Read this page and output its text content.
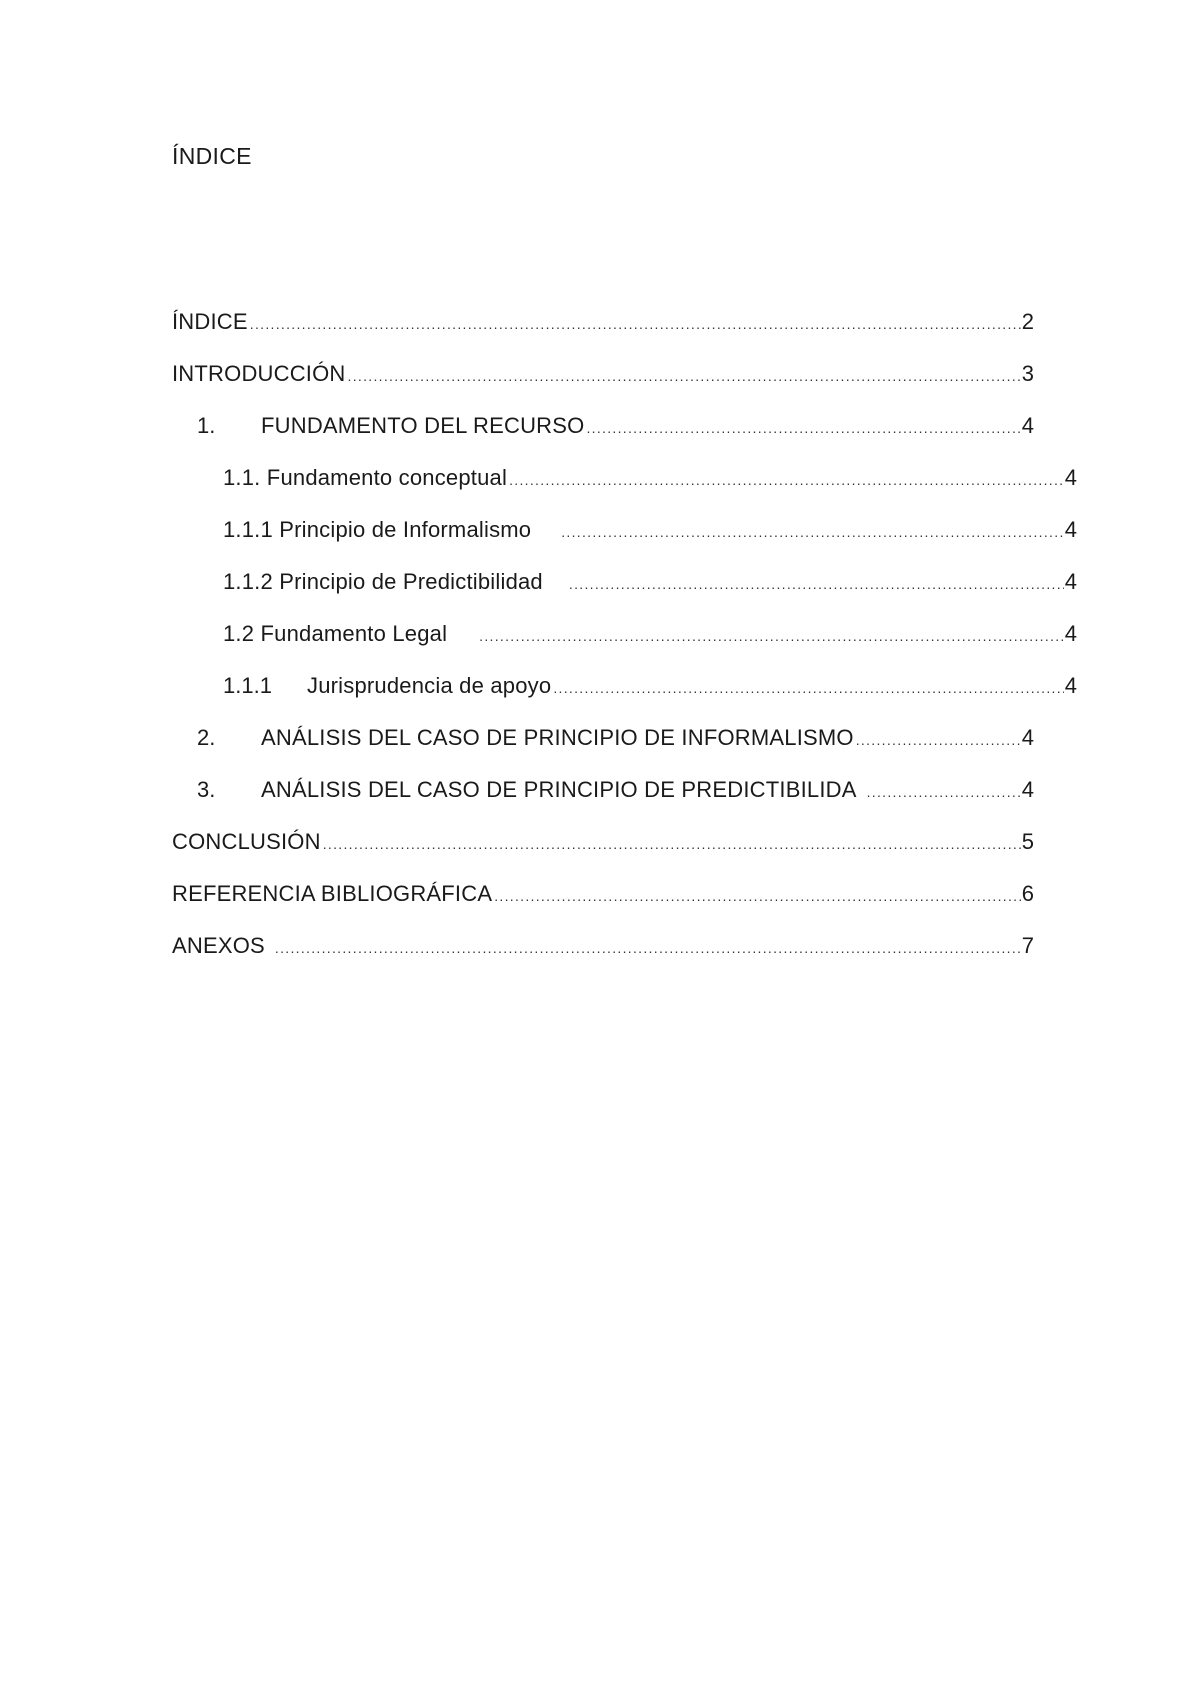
ÍNDICE
ÍNDICE .....	2
INTRODUCCIÓN .....	3
1.	FUNDAMENTO DEL RECURSO .....	4
1.1. Fundamento conceptual .....	4
1.1.1 Principio de Informalismo .....	4
1.1.2 Principio de Predictibilidad .....	4
1.2 Fundamento Legal .....	4
1.1.1	Jurisprudencia de apoyo .....	4
2.	ANÁLISIS DEL CASO DE PRINCIPIO DE INFORMALISMO .....	4
3.	ANÁLISIS DEL CASO DE PRINCIPIO DE PREDICTIBILIDA .....	4
CONCLUSIÓN .....	5
REFERENCIA BIBLIOGRÁFICA .....	6
ANEXOS .....	7
